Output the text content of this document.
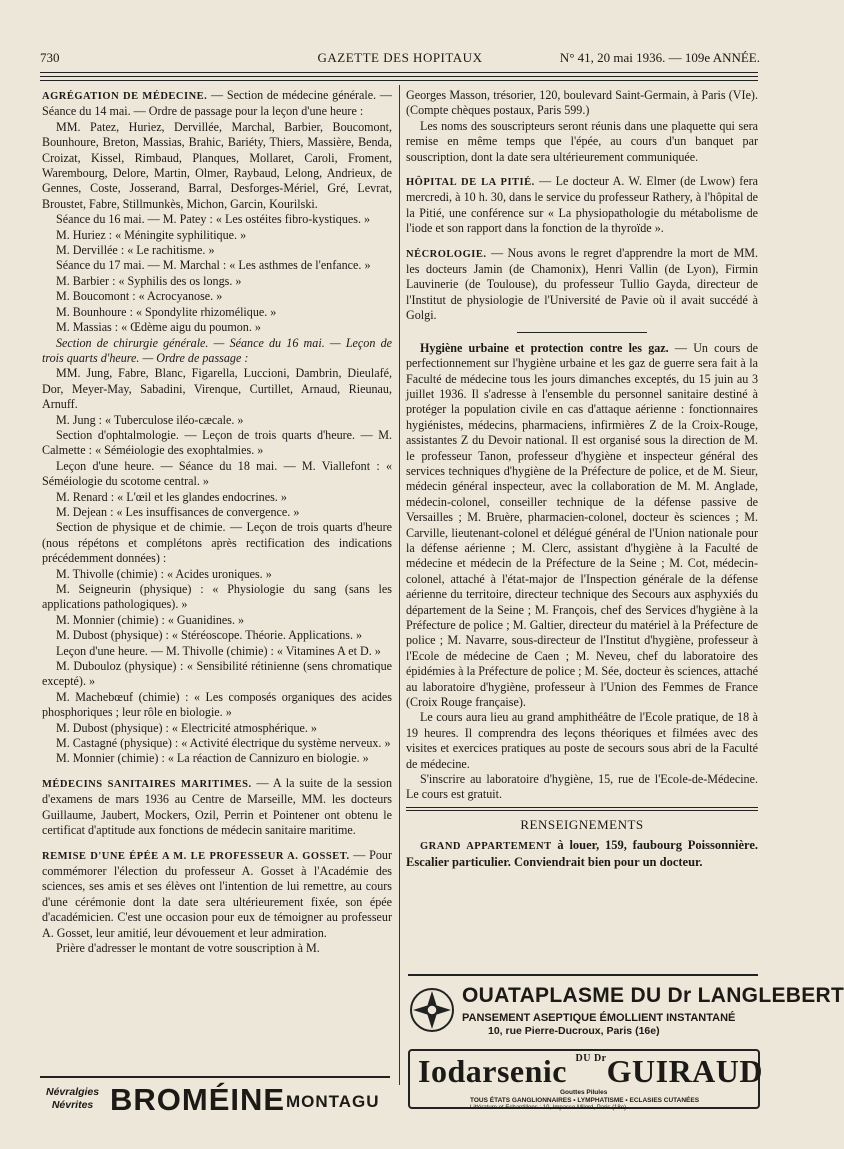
730	GAZETTE DES HOPITAUX	N° 41, 20 mai 1936. — 109e ANNÉE.

AGRÉGATION DE MÉDECINE. — Section de médecine générale. — Séance du 14 mai. — Ordre de passage pour la leçon d'une heure :

MM. Patez, Huriez, Dervillée, Marchal, Barbier, Boucomont, Bounhoure, Breton, Massias, Brahic, Bariéty, Thiers, Massière, Benda, Croizat, Kissel, Rimbaud, Planques, Mollaret, Caroli, Froment, Warembourg, Delore, Martin, Olmer, Raybaud, Lelong, Andrieux, de Gennes, Coste, Josserand, Barral, Desforges-Mériel, Gré, Levrat, Broustet, Fabre, Stillmunkès, Michon, Garcin, Kourilski.

Séance du 16 mai. — M. Patey : « Les ostéites fibro-kystiques. »

M. Huriez : « Méningite syphilitique. »

M. Dervillée : « Le rachitisme. »

Séance du 17 mai. — M. Marchal : « Les asthmes de l'enfance. »

M. Barbier : « Syphilis des os longs. »

M. Boucomont : « Acrocyanose. »

M. Bounhoure : « Spondylite rhizomélique. »

M. Massias : « Œdème aigu du poumon. »

Section de chirurgie générale. — Séance du 16 mai. — Leçon de trois quarts d'heure. — Ordre de passage :

MM. Jung, Fabre, Blanc, Figarella, Luccioni, Dambrin, Dieulafé, Dor, Meyer-May, Sabadini, Virenque, Curtillet, Arnaud, Rieunau, Arnuff.

M. Jung : « Tuberculose iléo-cæcale. »

Section d'ophtalmologie. — Leçon de trois quarts d'heure. — M. Calmette : « Séméiologie des exophtalmies. »

Leçon d'une heure. — Séance du 18 mai. — M. Viallefont : « Séméiologie du scotome central. »

M. Renard : « L'œil et les glandes endocrines. »

M. Dejean : « Les insuffisances de convergence. »

Section de physique et de chimie. — Leçon de trois quarts d'heure (nous répétons et complétons après rectification des indications précédemment données) :

M. Thivolle (chimie) : « Acides uroniques. »

M. Seigneurin (physique) : « Physiologie du sang (sans les applications pathologiques). »

M. Monnier (chimie) : « Guanidines. »

M. Dubost (physique) : « Stéréoscope. Théorie. Applications. »

Leçon d'une heure. — M. Thivolle (chimie) : « Vitamines A et D. »

M. Dubouloz (physique) : « Sensibilité rétinienne (sens chromatique excepté). »

M. Machebœuf (chimie) : « Les composés organiques des acides phosphoriques ; leur rôle en biologie. »

M. Dubost (physique) : « Electricité atmosphérique. »

M. Castagné (physique) : « Activité électrique du système nerveux. »

M. Monnier (chimie) : « La réaction de Cannizuro en biologie. »

MÉDECINS SANITAIRES MARITIMES. — A la suite de la session d'examens de mars 1936 au Centre de Marseille, MM. les docteurs Guillaume, Jaubert, Mockers, Ozil, Perrin et Pointener ont obtenu le certificat d'aptitude aux fonctions de médecin sanitaire maritime.

REMISE D'UNE ÉPÉE A M. LE PROFESSEUR A. GOSSET. — Pour commémorer l'élection du professeur A. Gosset à l'Académie des sciences, ses amis et ses élèves ont l'intention de lui remettre, au cours d'une cérémonie dont la date sera ultérieurement fixée, son épée d'académicien. C'est une occasion pour eux de témoigner au professeur A. Gosset, leur amitié, leur dévouement et leur admiration.

Prière d'adresser le montant de votre souscription à M.

Georges Masson, trésorier, 120, boulevard Saint-Germain, à Paris (VIe). (Compte chèques postaux, Paris 599.)

Les noms des souscripteurs seront réunis dans une plaquette qui sera remise en même temps que l'épée, au cours d'un banquet par souscription, dont la date sera ultérieurement communiquée.

HÔPITAL DE LA PITIÉ. — Le docteur A. W. Elmer (de Lwow) fera mercredi, à 10 h. 30, dans le service du professeur Rathery, à l'hôpital de la Pitié, une conférence sur « La physiopathologie du métabolisme de l'iode et son rapport dans la fonction de la thyroïde ».

NÉCROLOGIE. — Nous avons le regret d'apprendre la mort de MM. les docteurs Jamin (de Chamonix), Henri Vallin (de Lyon), Firmin Lauvinerie (de Toulouse), du professeur Tullio Gayda, directeur de l'Institut de physiologie de l'Université de Pavie où il avait succédé à Golgi.

Hygiène urbaine et protection contre les gaz. — Un cours de perfectionnement sur l'hygiène urbaine et les gaz de guerre sera fait à la Faculté de médecine tous les jours dimanches exceptés, du 15 juin au 3 juillet 1936. Il s'adresse à l'ensemble du personnel sanitaire destiné à protéger la population civile en cas d'attaque aérienne : fonctionnaires hygiénistes, médecins, pharmaciens, infirmières Z de la Croix-Rouge, assistantes Z du Devoir national. Il est organisé sous la direction de M. le professeur Tanon, professeur d'hygiène et inspecteur général des services techniques d'hygiène de la Préfecture de police, et de M. Sieur, médecin général inspecteur, avec la collaboration de M. M. Anglade, médecin-colonel, conseiller technique de la défense passive de Versailles ; M. Bruère, pharmacien-colonel, docteur ès sciences ; M. Carville, lieutenant-colonel et délégué général de l'Union nationale pour la défense aérienne ; M. Clerc, assistant d'hygiène à la Faculté de médecine et médecin de la Préfecture de la Seine ; M. Cot, médecin-colonel, attaché à l'état-major de l'Inspection générale de la défense aérienne du territoire, directeur technique des Secours aux asphyxiés du département de la Seine ; M. François, chef des Services d'hygiène à la Préfecture de police ; M. Galtier, directeur du matériel à la Préfecture de police ; M. Navarre, sous-directeur de l'Institut d'hygiène, professeur à l'Ecole de médecine de Caen ; M. Neveu, chef du laboratoire des épidémies à la Préfecture de police ; M. Sée, docteur ès sciences, attaché au laboratoire d'hygiène, professeur à l'Union des Femmes de France (Croix Rouge française).

Le cours aura lieu au grand amphithéâtre de l'Ecole pratique, de 18 à 19 heures. Il comprendra des leçons théoriques et filmées avec des visites et exercices pratiques au poste de secours sous abri de la Faculté de médecine.

S'inscrire au laboratoire d'hygiène, 15, rue de l'Ecole-de-Médecine. Le cours est gratuit.

RENSEIGNEMENTS

GRAND APPARTEMENT à louer, 159, faubourg Poissonnière. Escalier particulier. Conviendrait bien pour un docteur.

OUATAPLASME DU Dr LANGLEBERT
PANSEMENT ASEPTIQUE ÉMOLLIENT INSTANTANÉ
10, rue Pierre-Ducroux, Paris (16e)
Iodarsenic $^{DU Dr}$GUIRAUD
Gouttes Pilules
TOUS ÉTATS GANGLIONNAIRES • LYMPHATISME • ECLASIES CUTANÉES
Littérature et Echantillons : 10, Impasse Milord, Paris (18e)
Névralgies
Névrites BROMÉINE MONTAGU
